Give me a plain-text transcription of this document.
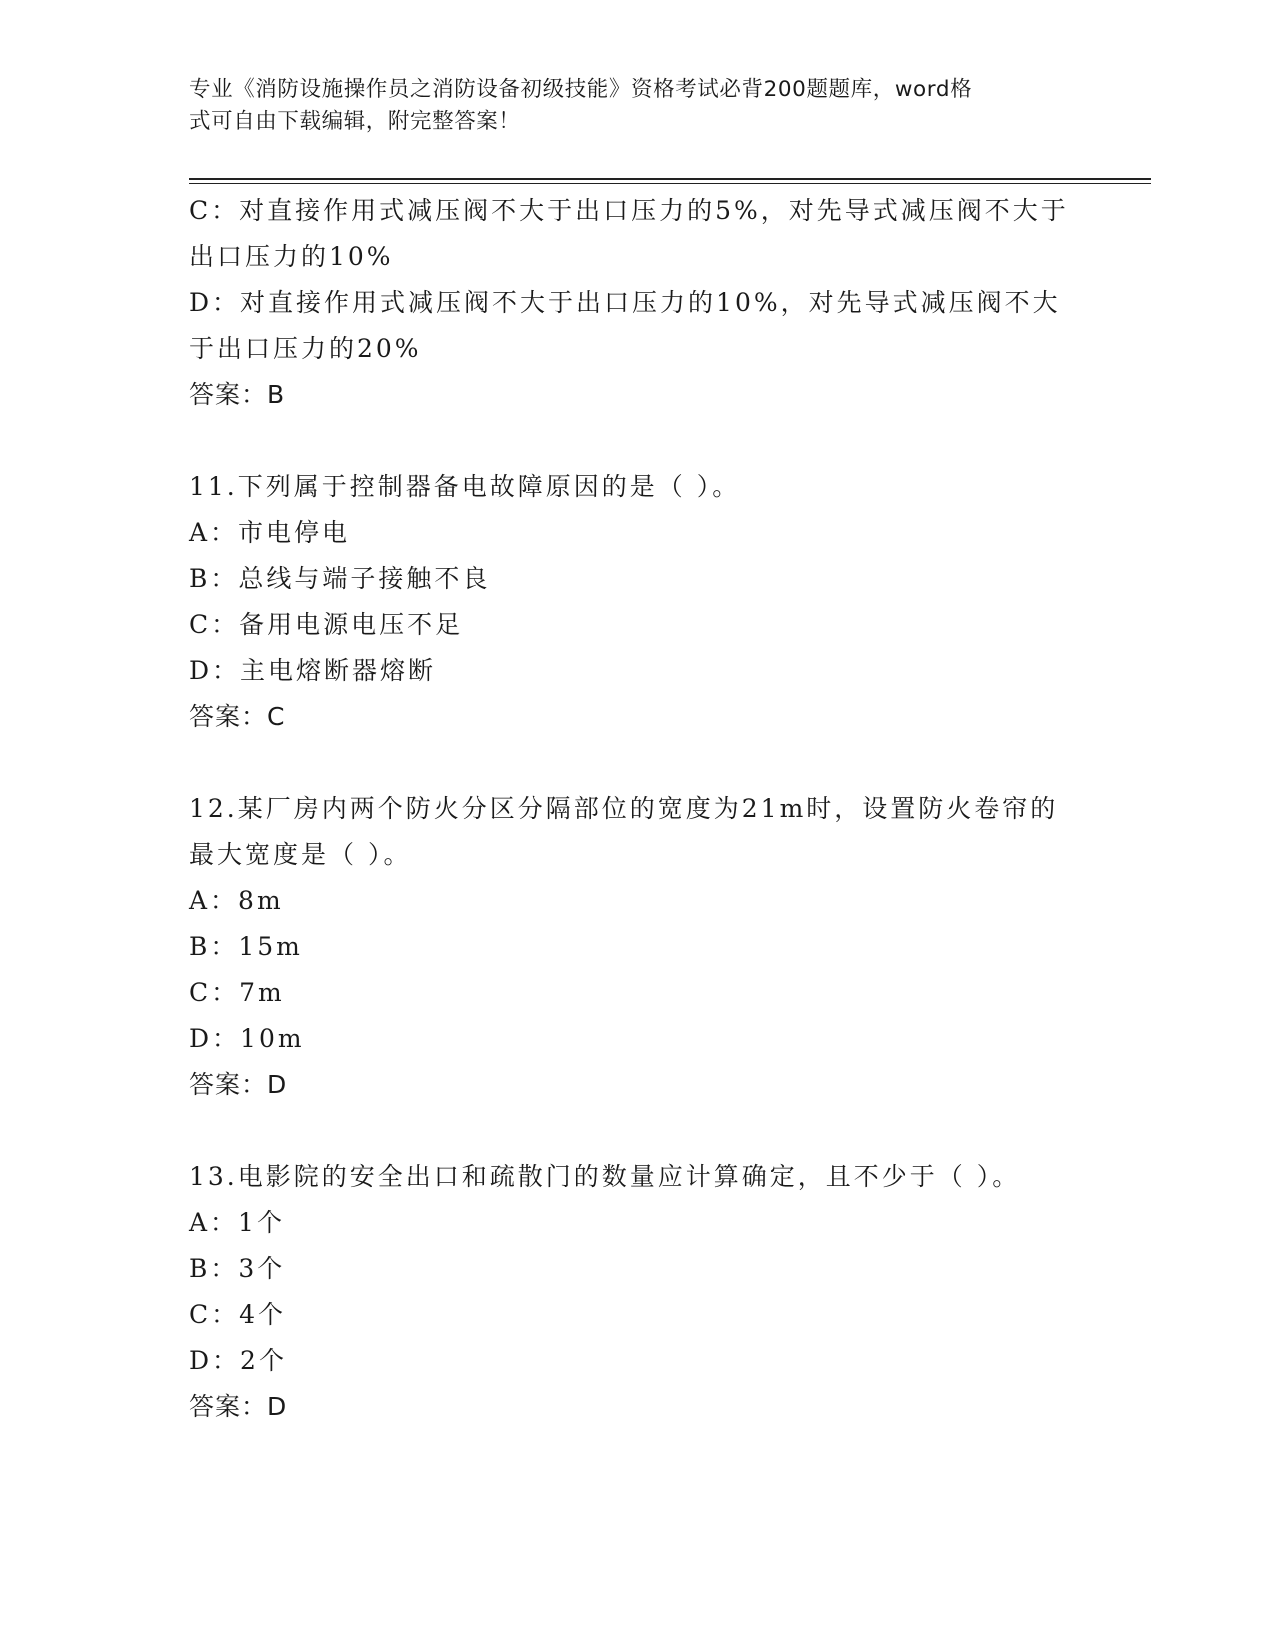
专业《消防设施操作员之消防设备初级技能》资格考试必背200题题库，word格
式可自由下载编辑，附完整答案！
C：对直接作用式减压阀不大于出口压力的5%，对先导式减压阀不大于
出口压力的10%
D：对直接作用式减压阀不大于出口压力的10%，对先导式减压阀不大
于出口压力的20%
答案：B
11.下列属于控制器备电故障原因的是（ ）。
A：市电停电
B：总线与端子接触不良
C：备用电源电压不足
D：主电熔断器熔断
答案：C
12.某厂房内两个防火分区分隔部位的宽度为21m时，设置防火卷帘的
最大宽度是（ ）。
A：8m
B：15m
C：7m
D：10m
答案：D
13.电影院的安全出口和疏散门的数量应计算确定，且不少于（ ）。
A：1个
B：3个
C：4个
D：2个
答案：D
